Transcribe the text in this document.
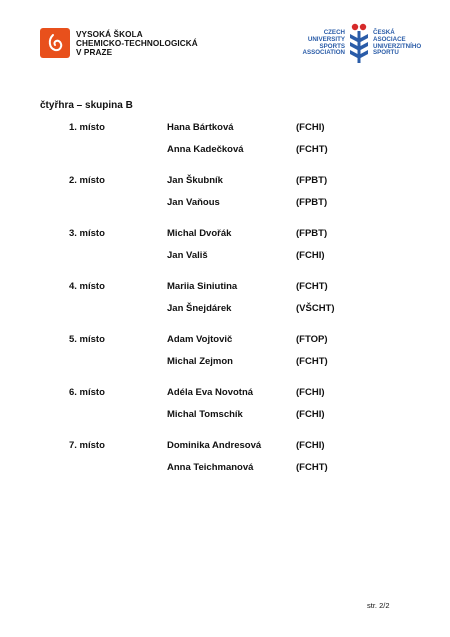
VYSOKÁ ŠKOLA
CHEMICKO-TECHNOLOGICKÁ
V PRAZE
CZECH
UNIVERSITY
SPORTS
ASSOCIATION
ČESKÁ
ASOCIACE
UNIVERZITNÍHO
SPORTU
čtyřhra – skupina B
1. místo	Hana Bártková	(FCHI)
Anna Kadečková	(FCHT)
2. místo	Jan Škubník	(FPBT)
Jan Vaňous	(FPBT)
3. místo	Michal Dvořák	(FPBT)
Jan Vališ	(FCHI)
4. místo	Mariia Siniutina	(FCHT)
Jan Šnejdárek	(VŠCHT)
5. místo	Adam Vojtovič	(FTOP)
Michal Zejmon	(FCHT)
6. místo	Adéla Eva Novotná	(FCHI)
Michal Tomschík	(FCHI)
7. místo	Dominika Andresová	(FCHI)
Anna Teichmanová	(FCHT)
str. 2/2
